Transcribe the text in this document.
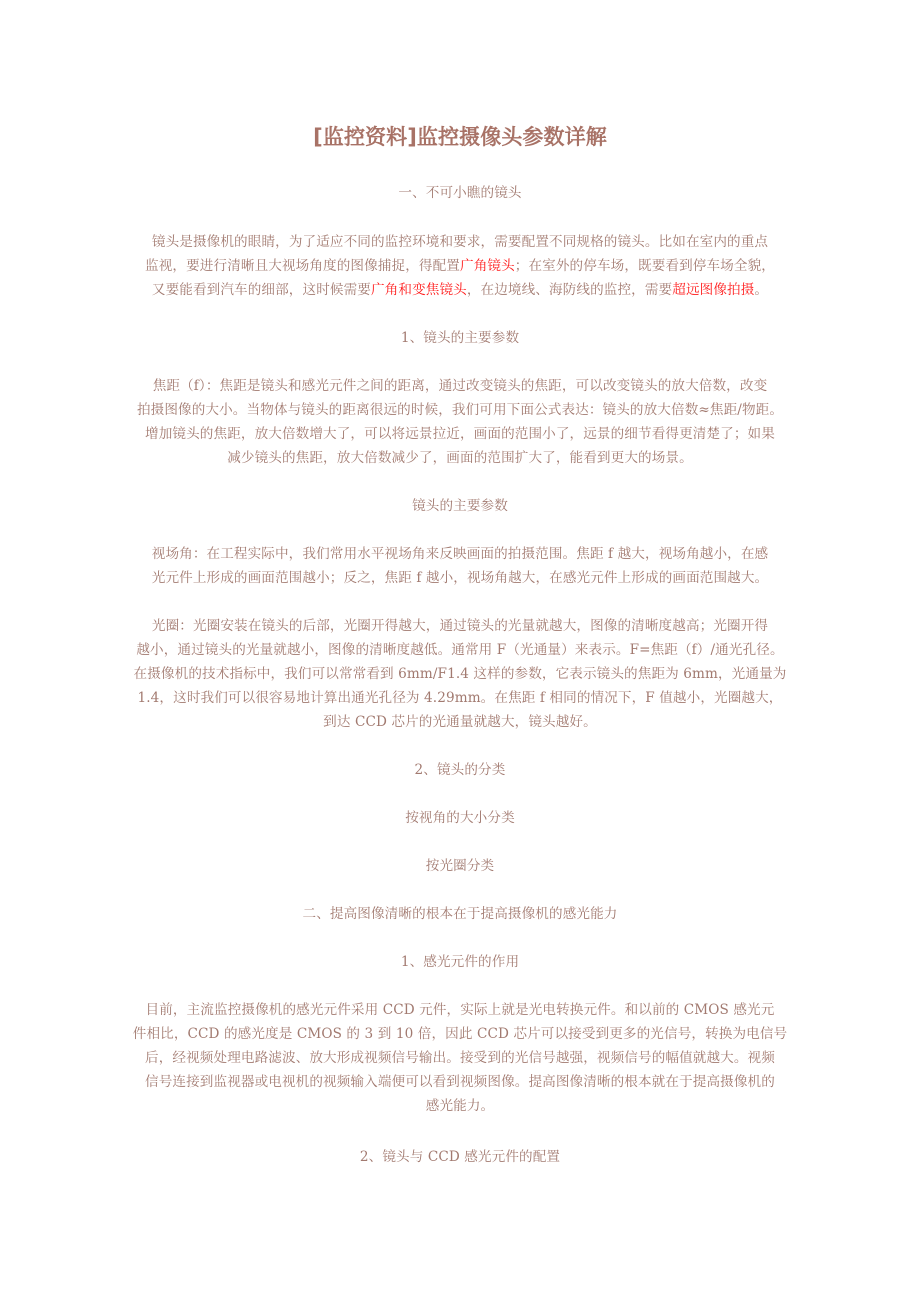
[监控资料]监控摄像头参数详解
一、不可小瞧的镜头
镜头是摄像机的眼睛，为了适应不同的监控环境和要求，需要配置不同规格的镜头。比如在室内的重点
监视，要进行清晰且大视场角度的图像捕捉，得配置广角镜头；在室外的停车场，既要看到停车场全貌，
又要能看到汽车的细部，这时候需要广角和变焦镜头，在边境线、海防线的监控，需要超远图像拍摄。
1、镜头的主要参数
焦距（f）：焦距是镜头和感光元件之间的距离，通过改变镜头的焦距，可以改变镜头的放大倍数，改变
拍摄图像的大小。当物体与镜头的距离很远的时候，我们可用下面公式表达：镜头的放大倍数≈焦距/物距。
增加镜头的焦距，放大倍数增大了，可以将远景拉近，画面的范围小了，远景的细节看得更清楚了；如果
减少镜头的焦距，放大倍数减少了，画面的范围扩大了，能看到更大的场景。
镜头的主要参数
视场角：在工程实际中，我们常用水平视场角来反映画面的拍摄范围。焦距 f 越大，视场角越小，在感
光元件上形成的画面范围越小；反之，焦距 f 越小，视场角越大，在感光元件上形成的画面范围越大。
光圈：光圈安装在镜头的后部，光圈开得越大，通过镜头的光量就越大，图像的清晰度越高；光圈开得
越小，通过镜头的光量就越小，图像的清晰度越低。通常用 F（光通量）来表示。F=焦距（f）/通光孔径。
在摄像机的技术指标中，我们可以常常看到 6mm/F1.4 这样的参数，它表示镜头的焦距为 6mm，光通量为
1.4，这时我们可以很容易地计算出通光孔径为 4.29mm。在焦距 f 相同的情况下，F 值越小，光圈越大，
到达 CCD 芯片的光通量就越大，镜头越好。
2、镜头的分类
按视角的大小分类
按光圈分类
二、提高图像清晰的根本在于提高摄像机的感光能力
1、感光元件的作用
目前，主流监控摄像机的感光元件采用 CCD 元件，实际上就是光电转换元件。和以前的 CMOS 感光元
件相比，CCD 的感光度是 CMOS 的 3 到 10 倍，因此 CCD 芯片可以接受到更多的光信号，转换为电信号
后，经视频处理电路滤波、放大形成视频信号输出。接受到的光信号越强，视频信号的幅值就越大。视频
信号连接到监视器或电视机的视频输入端便可以看到视频图像。提高图像清晰的根本就在于提高摄像机的
感光能力。
2、镜头与 CCD 感光元件的配置
